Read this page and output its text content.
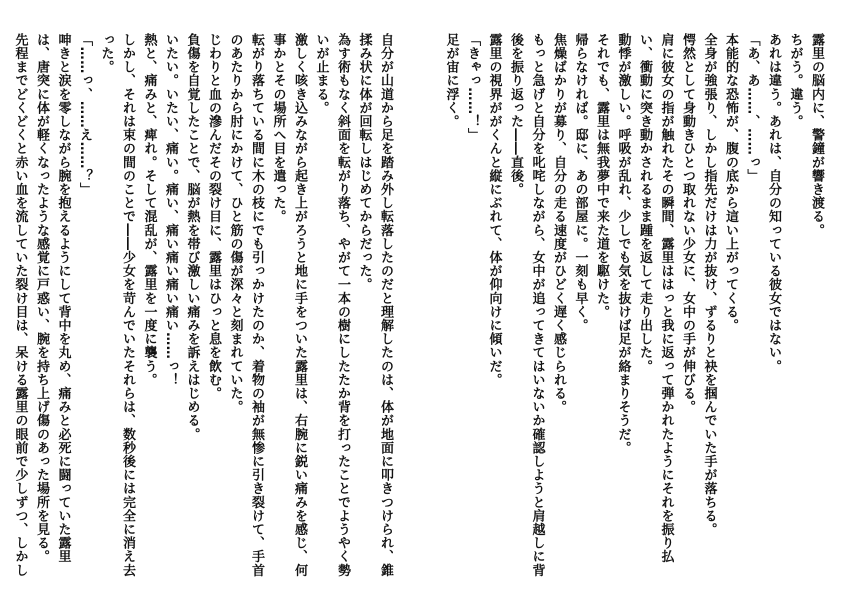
露里の脳内に、警鐘が響き渡る。
ちがう。違う。
あれは違う。あれは、自分の知っている彼女ではない。
「あ、あ……、……っ」
本能的な恐怖が、腹の底から這い上がってくる。
全身が強張り、しかし指先だけは力が抜け、ずるりと袂を掴んでいた手が落ちる。
愕然として身動きひとつ取れない少女に、女中の手が伸びる。
肩に彼女の指が触れたその瞬間、露里ははっと我に返って弾かれたようにそれを振り払
い、衝動に突き動かされるまま踵を返して走り出した。
動悸が激しい。呼吸が乱れ、少しでも気を抜けば足が絡まりそうだ。
それでも、露里は無我夢中で来た道を駆けた。
帰らなければ。邸に、あの部屋に。一刻も早く。
焦燥ばかりが募り、自分の走る速度がひどく遅く感じられる。
もっと急げと自分を叱咤しながら、女中が追ってきてはいないか確認しようと肩越しに背
後を振り返った――直後。
露里の視界ががくんと縦にぶれて、体が仰向けに傾いだ。
「きゃっ……！」
足が宙に浮く。
自分が山道から足を踏み外し転落したのだと理解したのは、体が地面に叩きつけられ、錐
揉み状に体が回転しはじめてからだった。
為す術もなく斜面を転がり落ち、やがて一本の樹にしたたか背を打ったことでようやく勢
いが止まる。
激しく咳き込みながら起き上がろうと地に手をついた露里は、右腕に鋭い痛みを感じ、何
事かとその場所へ目を遣った。
転がり落ちている間に木の枝にでも引っかけたのか、着物の袖が無惨に引き裂けて、手首
のあたりから肘にかけて、ひと筋の傷が深々と刻まれていた。
じわりと血の滲んだその裂け目に、露里はひっと息を飲む。
負傷を自覚したことで、脳が熱を帯び激しい痛みを訴えはじめる。
いたい。いたい、痛い。痛い、痛い痛い痛い痛い……っ！
熱と、痛みと、痺れ。そして混乱が、露里を一度に襲う。
しかし、それは束の間のことで――少女を苛んでいたそれらは、数秒後には完全に消え去
った。
「……っ、……え……？」
呻きと涙を零しながら腕を抱えるようにして背中を丸め、痛みと必死に闘っていた露里
は、唐突に体が軽くなったような感覚に戸惑い、腕を持ち上げ傷のあった場所を見る。
先程までどくどくと赤い血を流していた裂け目は、呆ける露里の眼前で少しずつ、しかし
